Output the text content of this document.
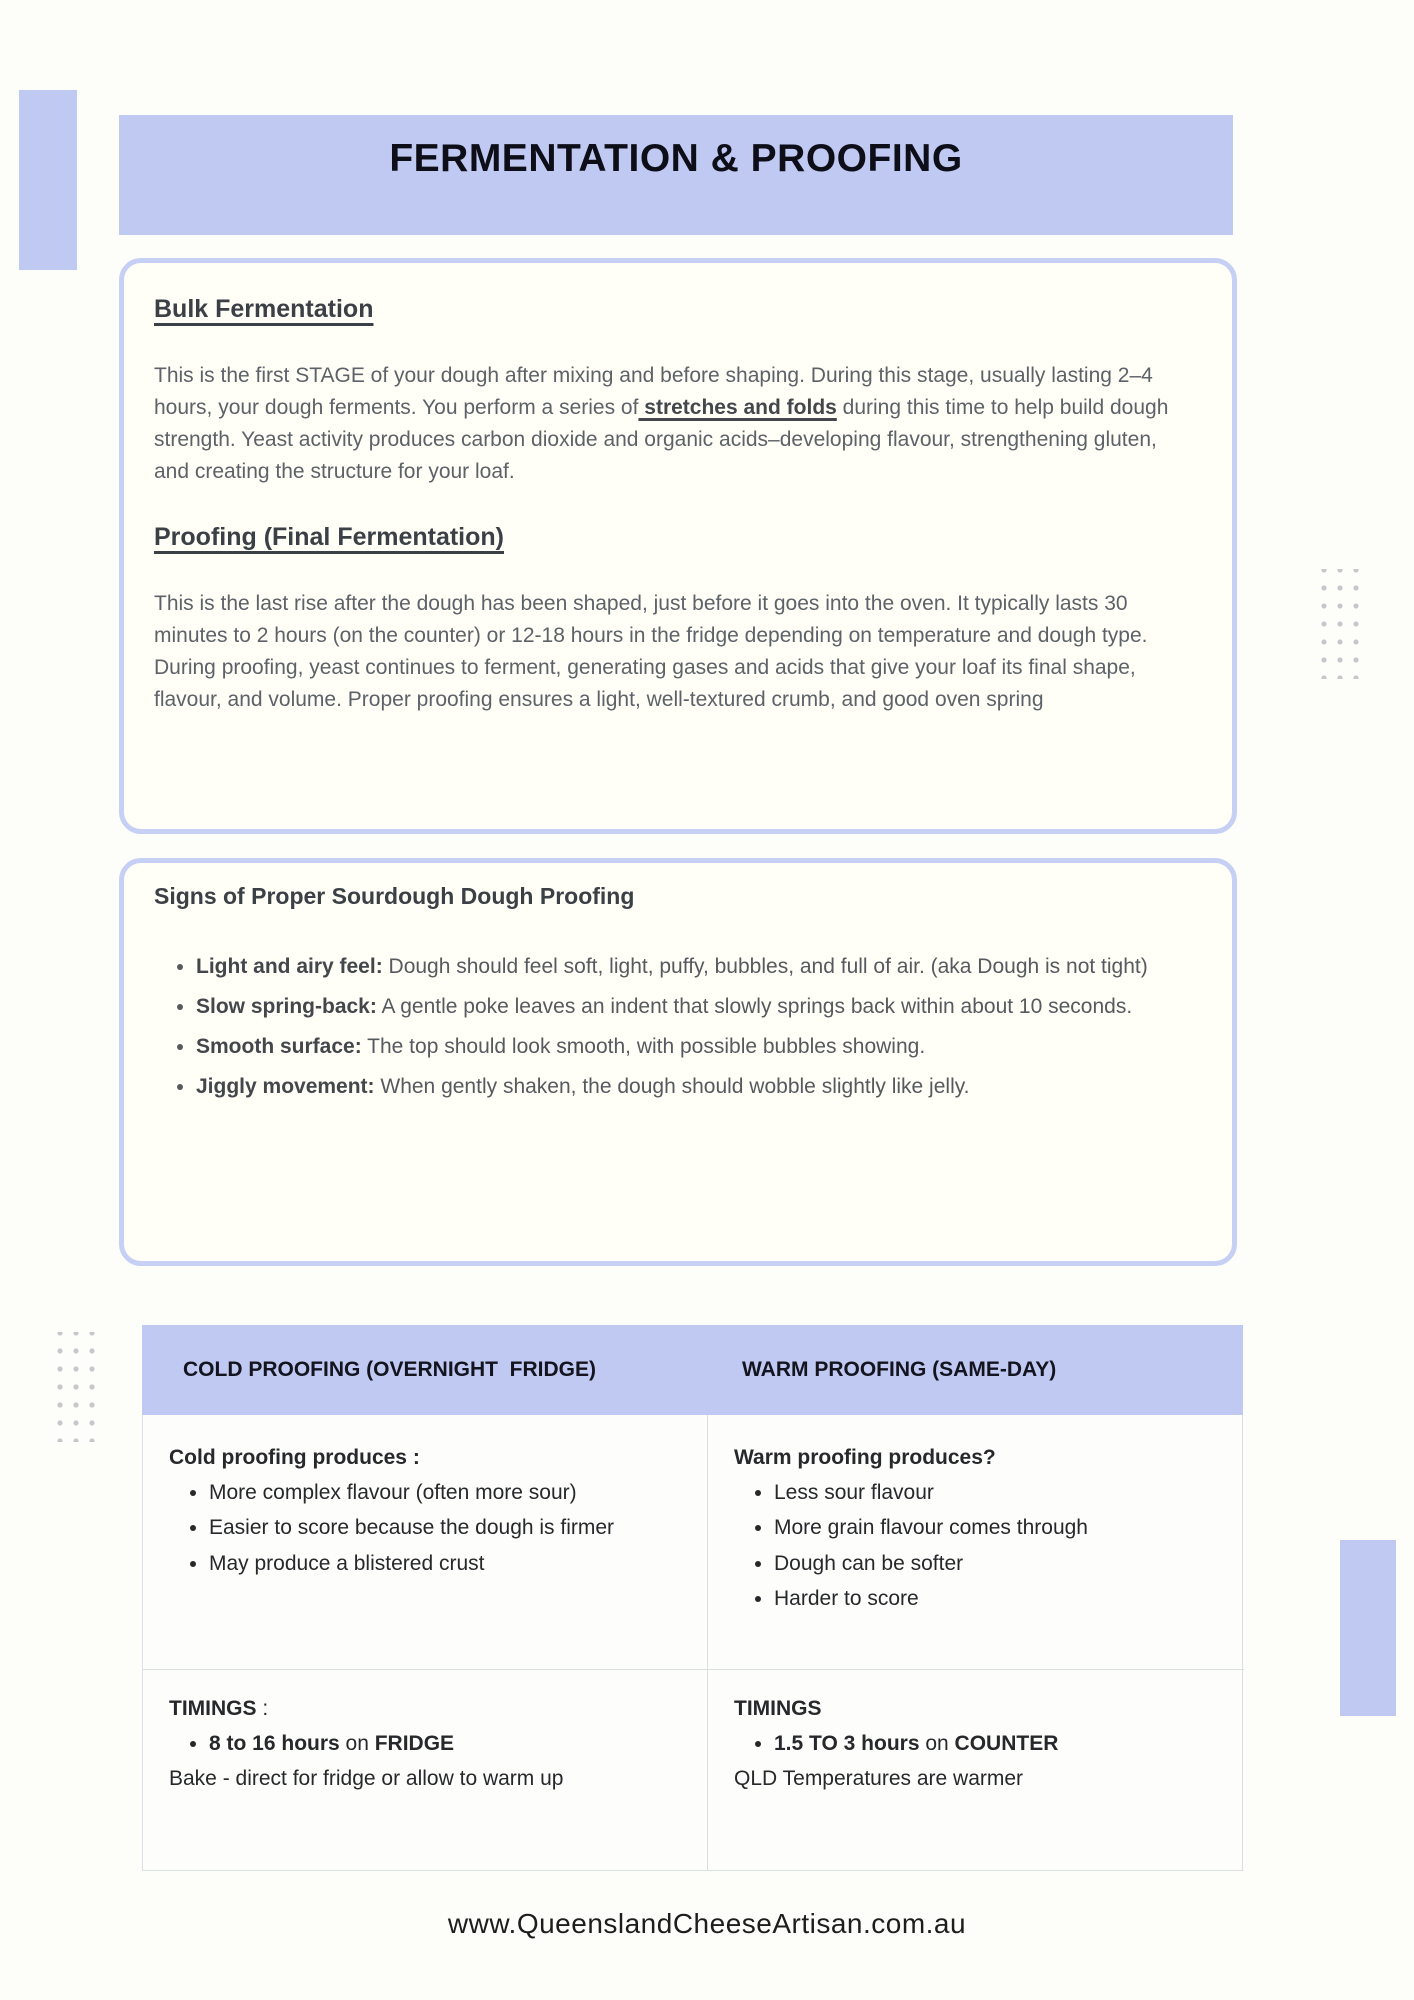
FERMENTATION & PROOFING
Bulk Fermentation

This is the first STAGE of your dough after mixing and before shaping. During this stage, usually lasting 2–4 hours, your dough ferments. You perform a series of stretches and folds during this time to help build dough strength. Yeast activity produces carbon dioxide and organic acids–developing flavour, strengthening gluten, and creating the structure for your loaf.

Proofing (Final Fermentation)

This is the last rise after the dough has been shaped, just before it goes into the oven. It typically lasts 30 minutes to 2 hours (on the counter) or 12-18 hours in the fridge depending on temperature and dough type. During proofing, yeast continues to ferment, generating gases and acids that give your loaf its final shape, flavour, and volume. Proper proofing ensures a light, well-textured crumb, and good oven spring

Signs of Proper Sourdough Dough Proofing
• Light and airy feel: Dough should feel soft, light, puffy, bubbles, and full of air. (aka Dough is not tight)
• Slow spring-back: A gentle poke leaves an indent that slowly springs back within about 10 seconds.
• Smooth surface: The top should look smooth, with possible bubbles showing.
• Jiggly movement: When gently shaken, the dough should wobble slightly like jelly.
COLD PROOFING (OVERNIGHT  FRIDGE)	WARM PROOFING (SAME-DAY)
Cold proofing produces :
• More complex flavour (often more sour)
• Easier to score because the dough is firmer
• May produce a blistered crust
Warm proofing produces?
• Less sour flavour
• More grain flavour comes through
• Dough can be softer
• Harder to score
TIMINGS :
• 8 to 16 hours on FRIDGE

Bake - direct for fridge or allow to warm up

TIMINGS
• 1.5 TO 3 hours on COUNTER

QLD Temperatures are warmer

www.QueenslandCheeseArtisan.com.au
